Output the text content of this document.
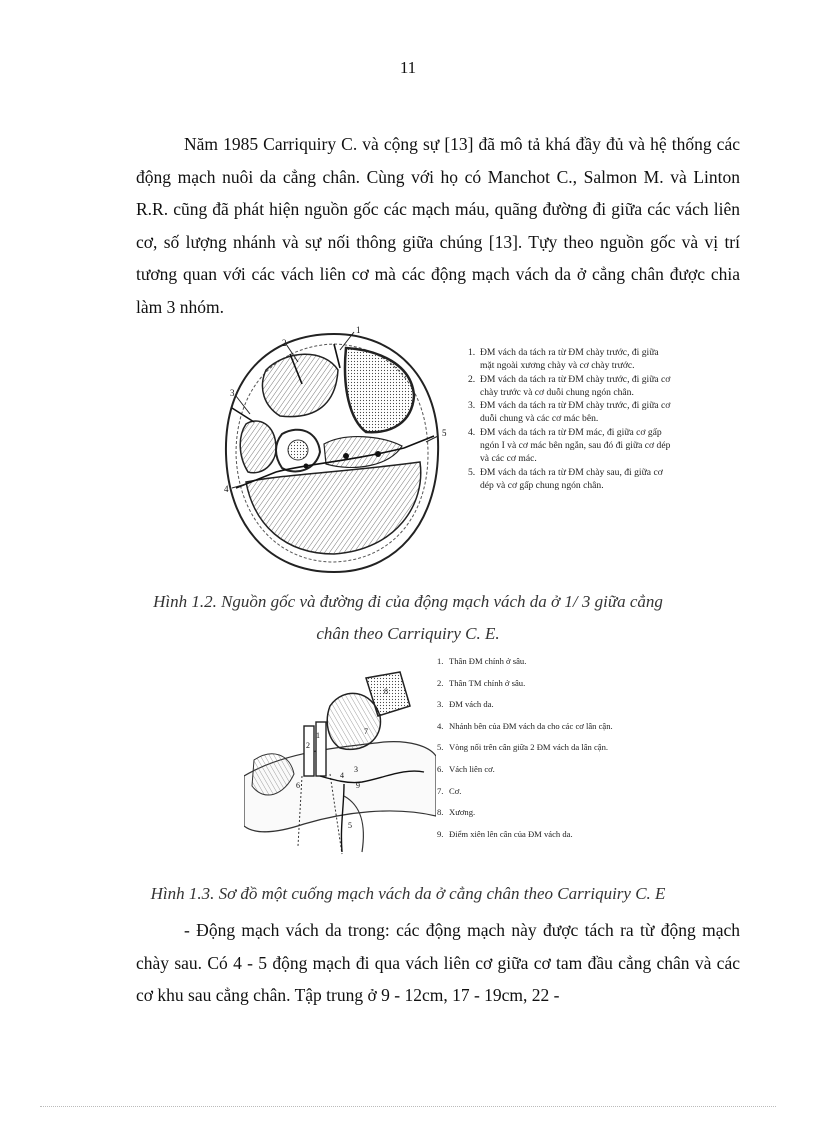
11

Năm 1985 Carriquiry C. và cộng sự [13] đã mô tả khá đầy đủ và hệ thống các động mạch nuôi da cẳng chân. Cùng với họ có Manchot C., Salmon M. và Linton R.R. cũng đã phát hiện nguồn gốc các mạch máu, quãng đường đi giữa các vách liên cơ, số lượng nhánh và sự nối thông giữa chúng [13]. Tựy theo nguồn gốc và vị trí tương quan với các vách liên cơ mà các động mạch vách da ở cẳng chân được chia làm 3 nhóm.

1
2
3
4
5
1. ĐM vách da tách ra từ ĐM chày trước, đi giữa mặt ngoài xương chày và cơ chày trước.
2. ĐM vách da tách ra từ ĐM chày trước, đi giữa cơ chày trước và cơ duỗi chung ngón chân.
3. ĐM vách da tách ra từ ĐM chày trước, đi giữa cơ duỗi chung và các cơ mác bên.
4. ĐM vách da tách ra từ ĐM mác, đi giữa cơ gấp ngón I và cơ mác bên ngắn, sau đó đi giữa cơ dép và các cơ mác.
5. ĐM vách da tách ra từ ĐM chày sau, đi giữa cơ dép và cơ gấp chung ngón chân.
Hình 1.2. Nguồn gốc và đường đi của động mạch vách da ở 1/ 3 giữa cẳng
chân theo Carriquiry C. E.
1
2
3
4
5
6
7
8
9
1. Thân ĐM chính ở sâu.
2. Thân TM chính ở sâu.
3. ĐM vách da.
4. Nhánh bên của ĐM vách da cho các cơ lân cận.
5. Vòng nối trên cân giữa 2 ĐM vách da lân cận.
6. Vách liên cơ.
7. Cơ.
8. Xương.
9. Điểm xiên lên cân của ĐM vách da.
Hình 1.3. Sơ đồ một cuống mạch vách da ở cẳng chân theo Carriquiry C. E

- Động mạch vách da trong: các động mạch này được tách ra từ động mạch chày sau. Có 4 - 5 động mạch đi qua vách liên cơ giữa cơ tam đầu cẳng chân và các cơ khu sau cẳng chân. Tập trung ở 9 - 12cm, 17 - 19cm, 22 -
